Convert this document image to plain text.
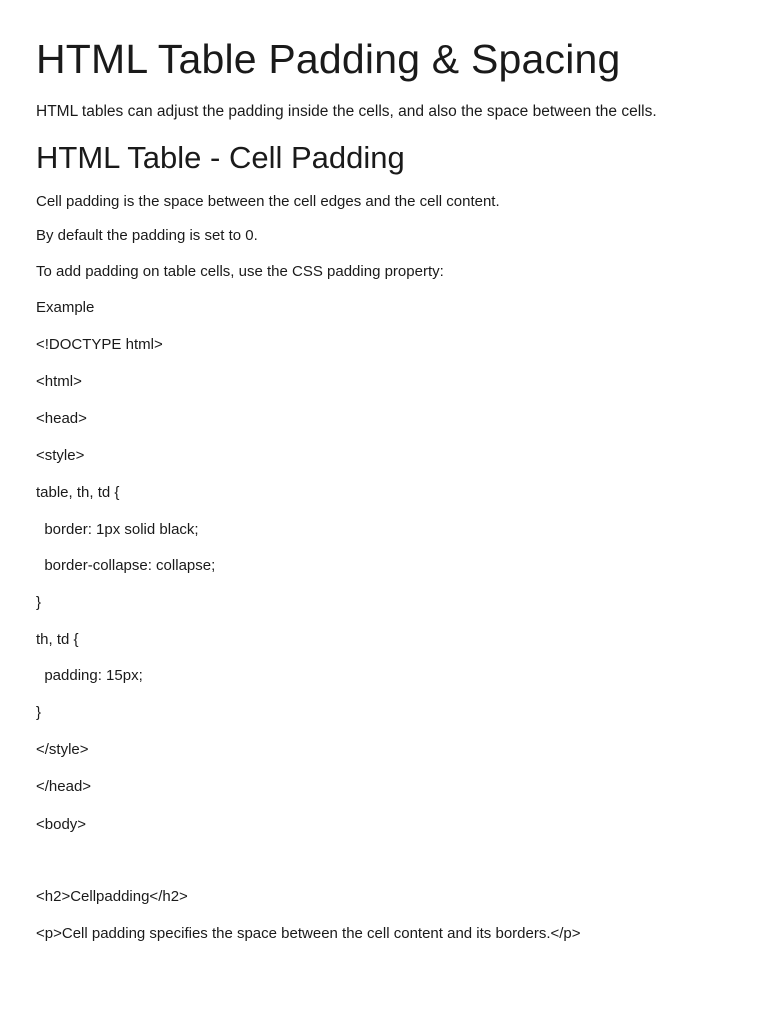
HTML Table Padding & Spacing

HTML tables can adjust the padding inside the cells, and also the space between the cells.

HTML Table - Cell Padding

Cell padding is the space between the cell edges and the cell content.

By default the padding is set to 0.

To add padding on table cells, use the CSS padding property:

Example

<!DOCTYPE html>

<html>

<head>

<style>

table, th, td {

border: 1px solid black;

border-collapse: collapse;

}

th, td {

padding: 15px;

}

</style>

</head>

<body>

<h2>Cellpadding</h2>

<p>Cell padding specifies the space between the cell content and its borders.</p>
